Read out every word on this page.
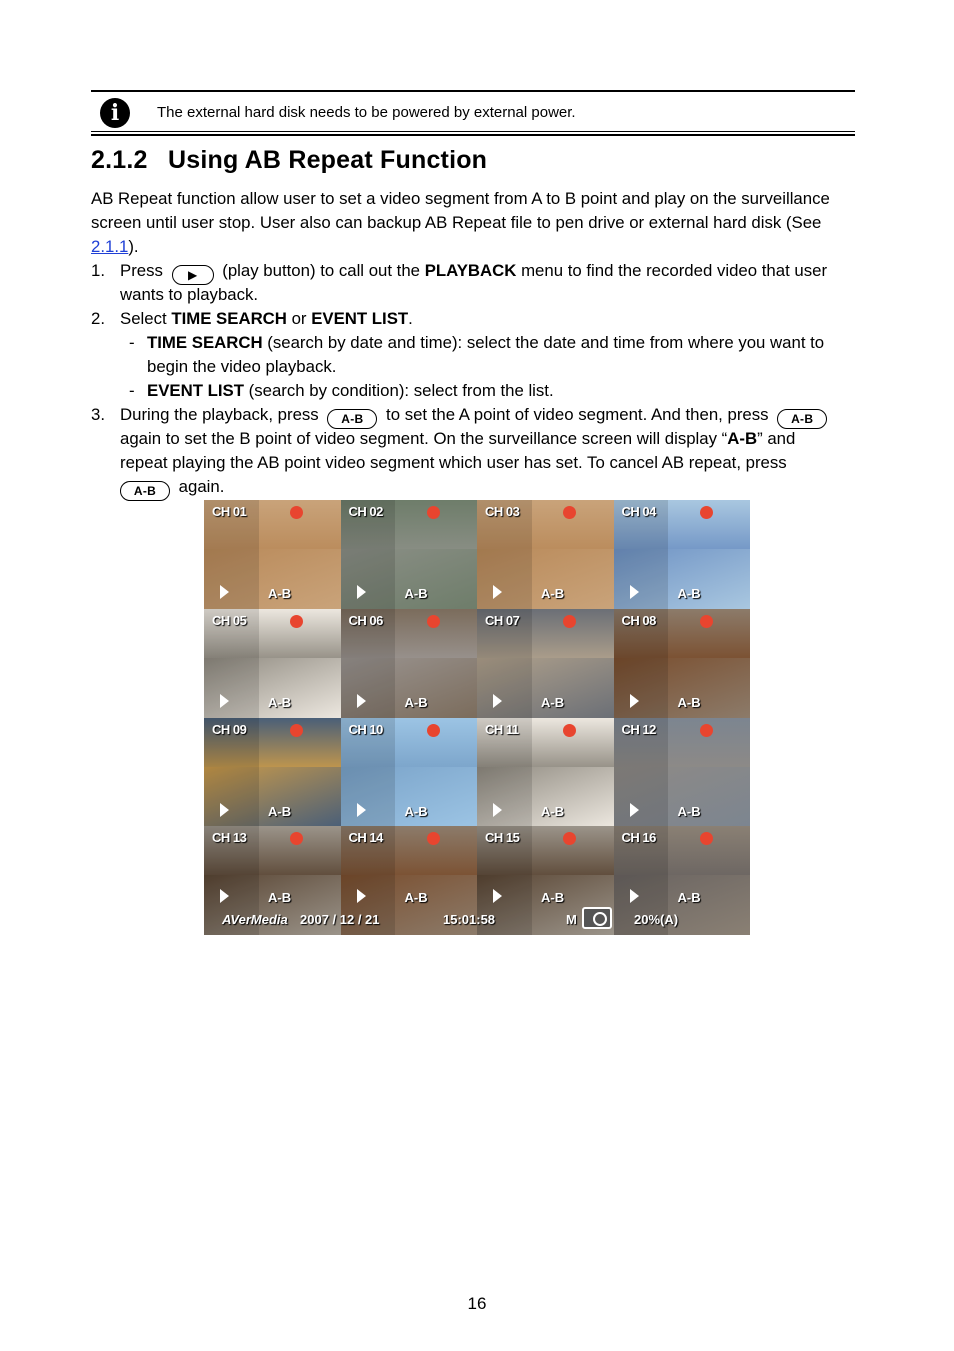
i	The external hard disk needs to be powered by external power.
2.1.2 Using AB Repeat Function
AB Repeat function allow user to set a video segment from A to B point and play on the surveillance
screen until user stop. User also can backup AB Repeat file to pen drive or external hard disk (See
2.1.1).
1. Press ▶ (play button) to call out the PLAYBACK menu to find the recorded video that user
wants to playback.
2. Select TIME SEARCH or EVENT LIST.
- TIME SEARCH (search by date and time): select the date and time from where you want to
begin the video playback.
- EVENT LIST (search by condition): select from the list.
3. During the playback, press A-B to set the A point of video segment. And then, press A-B
again to set the B point of video segment. On the surveillance screen will display “A-B” and
repeat playing the AB point video segment which user has set. To cancel AB repeat, press
A-B again.
CH 01
A-B
CH 02
A-B
CH 03
A-B
CH 04
A-B
CH 05
A-B
CH 06
A-B
CH 07
A-B
CH 08
A-B
CH 09
A-B
CH 10
A-B
CH 11
A-B
CH 12
A-B
CH 13
A-B
CH 14
A-B
CH 15
A-B
CH 16
A-B
AVerMedia 2007 / 12 / 21	15:01:58	M	20%(A)
16
